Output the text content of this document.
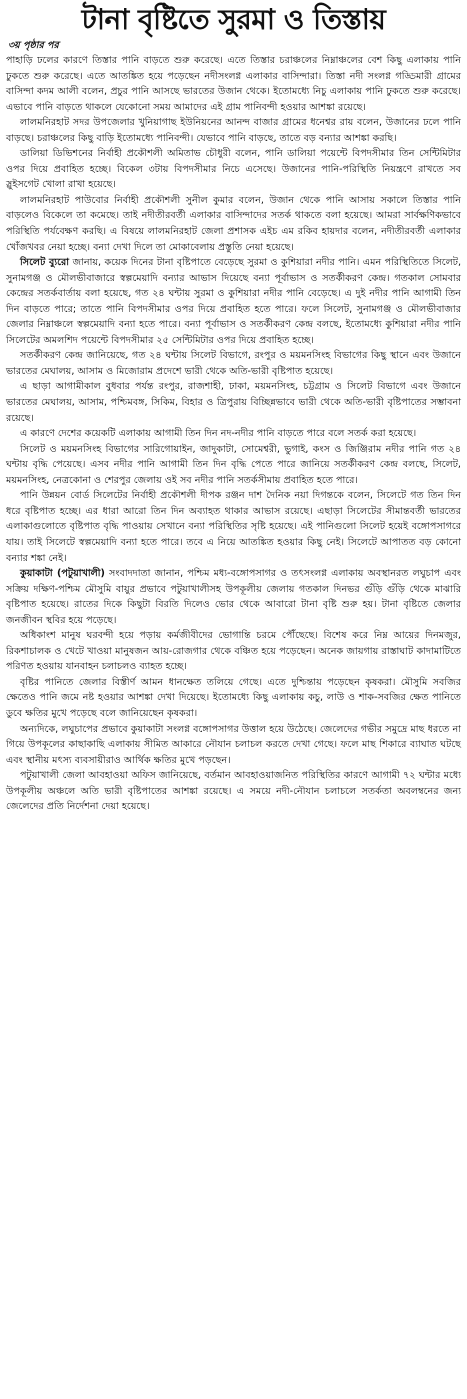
টানা বৃষ্টিতে সুরমা ও তিস্তায়
৩য় পৃষ্ঠার পর

পাহাড়ি ঢলের কারণে তিস্তার পানি বাড়তে শুরু করেছে। এতে তিস্তার চরাঞ্চলের নিম্নাঞ্চলের বেশ কিছু এলাকায় পানি ঢুকতে শুরু করেছে। এতে আতঙ্কিত হয়ে পড়েছেন নদীসংলগ্ন এলাকার বাসিন্দারা। তিস্তা নদী সংলগ্ন গড্ডিমারী গ্রামের বাসিন্দা কদম আলী বলেন, প্রচুর পানি আসছে ভারতের উজান থেকে। ইতোমধ্যে নিচু এলাকায় পানি ঢুকতে শুরু করেছে। এভাবে পানি বাড়তে থাকলে যেকোনো সময় আমাদের এই গ্রাম পানিবন্দী হওয়ার আশঙ্কা রয়েছে।

লালমনিরহাট সদর উপজেলার খুনিয়াগাছ ইউনিয়নের আনন্দ বাজার গ্রামের ধনেশ্বর রায় বলেন, উজানের ঢলে পানি বাড়ছে। চরাঞ্চলের কিছু বাড়ি ইতোমধ্যে পানিবন্দী। যেভাবে পানি বাড়ছে, তাতে বড় বন্যার আশঙ্কা করছি।

ডালিয়া ডিভিশনের নির্বাহী প্রকৌশলী অমিতাভ চৌধুরী বলেন, পানি ডালিয়া পয়েন্টে বিপদসীমার তিন সেন্টিমিটার ওপর দিয়ে প্রবাহিত হচ্ছে। বিকেল ৩টায় বিপদসীমার নিচে এসেছে। উজানের পানি-পরিস্থিতি নিয়ন্ত্রণে রাখতে সব স্লুইসগেট খোলা রাখা হয়েছে।

লালমনিরহাট পাউবোর নির্বাহী প্রকৌশলী সুনীল কুমার বলেন, উজান থেকে পানি আসায় সকালে তিস্তার পানি বাড়লেও বিকেলে তা কমেছে। তাই নদীতীরবর্তী এলাকার বাসিন্দাদের সতর্ক থাকতে বলা হয়েছে। আমরা সার্বক্ষণিকভাবে পরিস্থিতি পর্যবেক্ষণ করছি। এ বিষয়ে লালমনিরহাট জেলা প্রশাসক এইচ এম রকিব হায়দার বলেন, নদীতীরবর্তী এলাকার খোঁজখবর নেয়া হচ্ছে। বন্যা দেখা দিলে তা মোকাবেলায় প্রস্তুতি নেয়া হয়েছে।

সিলেট ব্যুরো জানায়, কয়েক দিনের টানা বৃষ্টিপাতে বেড়েছে সুরমা ও কুশিয়ারা নদীর পানি। এমন পরিস্থিতিতে সিলেট, সুনামগঞ্জ ও মৌলভীবাজারে স্বল্পমেয়াদি বন্যার আভাস দিয়েছে বন্যা পূর্বাভাস ও সতর্কীকরণ কেন্দ্র। গতকাল সোমবার কেন্দ্রের সতর্কবার্তায় বলা হয়েছে, গত ২৪ ঘন্টায় সুরমা ও কুশিয়ারা নদীর পানি বেড়েছে। এ দুই নদীর পানি আগামী তিন দিন বাড়তে পারে; তাতে পানি বিপদসীমার ওপর দিয়ে প্রবাহিত হতে পারে। ফলে সিলেট, সুনামগঞ্জ ও মৌলভীবাজার জেলার নিম্নাঞ্চলে স্বল্পমেয়াদি বন্যা হতে পারে। বন্যা পূর্বাভাস ও সতর্কীকরণ কেন্দ্র বলছে, ইতোমধ্যে কুশিয়ারা নদীর পানি সিলেটের অমলশিদ পয়েন্টে বিপদসীমার ২৫ সেন্টিমিটার ওপর দিয়ে প্রবাহিত হচ্ছে।

সতর্কীকরণ কেন্দ্র জানিয়েছে, গত ২৪ ঘন্টায় সিলেট বিভাগে, রংপুর ও ময়মনসিংহ বিভাগের কিছু স্থানে এবং উজানে ভারতের মেঘালয়, আসাম ও মিজোরাম প্রদেশে ভারী থেকে অতি-ভারী বৃষ্টিপাত হয়েছে।

এ ছাড়া আগামীকাল বুধবার পর্যন্ত রংপুর, রাজশাহী, ঢাকা, ময়মনসিংহ, চট্টগ্রাম ও সিলেট বিভাগে এবং উজানে ভারতের মেঘালয়, আসাম, পশ্চিমবঙ্গ, সিকিম, বিহার ও ত্রিপুরায় বিচ্ছিন্নভাবে ভারী থেকে অতি-ভারী বৃষ্টিপাতের সম্ভাবনা রয়েছে।

এ কারণে দেশের কয়েকটি এলাকায় আগামী তিন দিন নদ-নদীর পানি বাড়তে পারে বলে সতর্ক করা হয়েছে।

সিলেট ও ময়মনসিংহ বিভাগের সারিগোয়াইন, জাদুকাটা, সোমেশ্বরী, ভুগাই, কংস ও জিঞ্জিরাম নদীর পানি গত ২৪ ঘন্টায় বৃদ্ধি পেয়েছে। এসব নদীর পানি আগামী তিন দিন বৃদ্ধি পেতে পারে জানিয়ে সতর্কীকরণ কেন্দ্র বলছে, সিলেট, ময়মনসিংহ, নেত্রকোনা ও শেরপুর জেলায় ওই সব নদীর পানি সতর্কসীমায় প্রবাহিত হতে পারে।

পানি উন্নয়ন বোর্ড সিলেটের নির্বাহী প্রকৌশলী দীপক রঞ্জন দাশ দৈনিক নয়া দিগন্তকে বলেন, সিলেটে গত তিন দিন ধরে বৃষ্টিপাত হচ্ছে। এর ধারা আরো তিন দিন অব্যাহত থাকার আভাস রয়েছে। এছাড়া সিলেটের সীমান্তবর্তী ভারতের এলাকাগুলোতে বৃষ্টিপাত বৃদ্ধি পাওয়ায় সেখানে বন্যা পরিস্থিতির সৃষ্টি হয়েছে। এই পানিগুলো সিলেট হয়েই বঙ্গোপসাগরে যায়। তাই সিলেটে স্বল্পমেয়াদি বন্যা হতে পারে। তবে এ নিয়ে আতঙ্কিত হওয়ার কিছু নেই। সিলেটে আপাতত বড় কোনো বন্যার শঙ্কা নেই।

কুয়াকাটা (পটুয়াখালী) সংবাদদাতা জানান, পশ্চিম মধ্য-বঙ্গোপসাগর ও তৎসংলগ্ন এলাকায় অবস্থানরত লঘুচাপ এবং সক্রিয় দক্ষিণ-পশ্চিম মৌসুমি বায়ুর প্রভাবে পটুয়াখালীসহ উপকূলীয় জেলায় গতকাল দিনভর গুঁড়ি গুঁড়ি থেকে মাঝারি বৃষ্টিপাত হয়েছে। রাতের দিকে কিছুটা বিরতি দিলেও ভোর থেকে আবারো টানা বৃষ্টি শুরু হয়। টানা বৃষ্টিতে জেলার জনজীবন স্থবির হয়ে পড়েছে।

অধিকাংশ মানুষ ঘরবন্দী হয়ে পড়ায় কর্মজীবীদের ভোগান্তি চরমে পৌঁছেছে। বিশেষ করে নিম্ন আয়ের দিনমজুর, রিকশাচালক ও খেটে খাওয়া মানুষজন আয়-রোজগার থেকে বঞ্চিত হয়ে পড়েছেন। অনেক জায়গায় রাস্তাঘাট কাদামাটিতে পরিণত হওয়ায় যানবাহন চলাচলও ব্যাহত হচ্ছে।

বৃষ্টির পানিতে জেলার বিস্তীর্ণ আমন ধানক্ষেত তলিয়ে গেছে। এতে দুশ্চিন্তায় পড়েছেন কৃষকরা। মৌসুমি সবজির ক্ষেতেও পানি জমে নষ্ট হওয়ার আশঙ্কা দেখা দিয়েছে। ইতোমধ্যে কিছু এলাকায় কচু, লাউ ও শাক-সবজির ক্ষেত পানিতে ডুবে ক্ষতির মুখে পড়েছে বলে জানিয়েছেন কৃষকরা।

অন্যদিকে, লঘুচাপের প্রভাবে কুয়াকাটা সংলগ্ন বঙ্গোপসাগর উত্তাল হয়ে উঠেছে। জেলেদের গভীর সমুদ্রে মাছ ধরতে না গিয়ে উপকূলের কাছাকাছি এলাকায় সীমিত আকারে নৌযান চলাচল করতে দেখা গেছে। ফলে মাছ শিকারে ব্যাঘাত ঘটছে এবং স্থানীয় মৎস্য ব্যবসায়ীরাও আর্থিক ক্ষতির মুখে পড়ছেন।

পটুয়াখালী জেলা আবহাওয়া অফিস জানিয়েছে, বর্তমান আবহাওয়াজনিত পরিস্থিতির কারণে আগামী ৭২ ঘন্টার মধ্যে উপকূলীয় অঞ্চলে অতি ভারী বৃষ্টিপাতের আশঙ্কা রয়েছে। এ সময়ে নদী-নৌযান চলাচলে সতর্কতা অবলম্বনের জন্য জেলেদের প্রতি নির্দেশনা দেয়া হয়েছে।
